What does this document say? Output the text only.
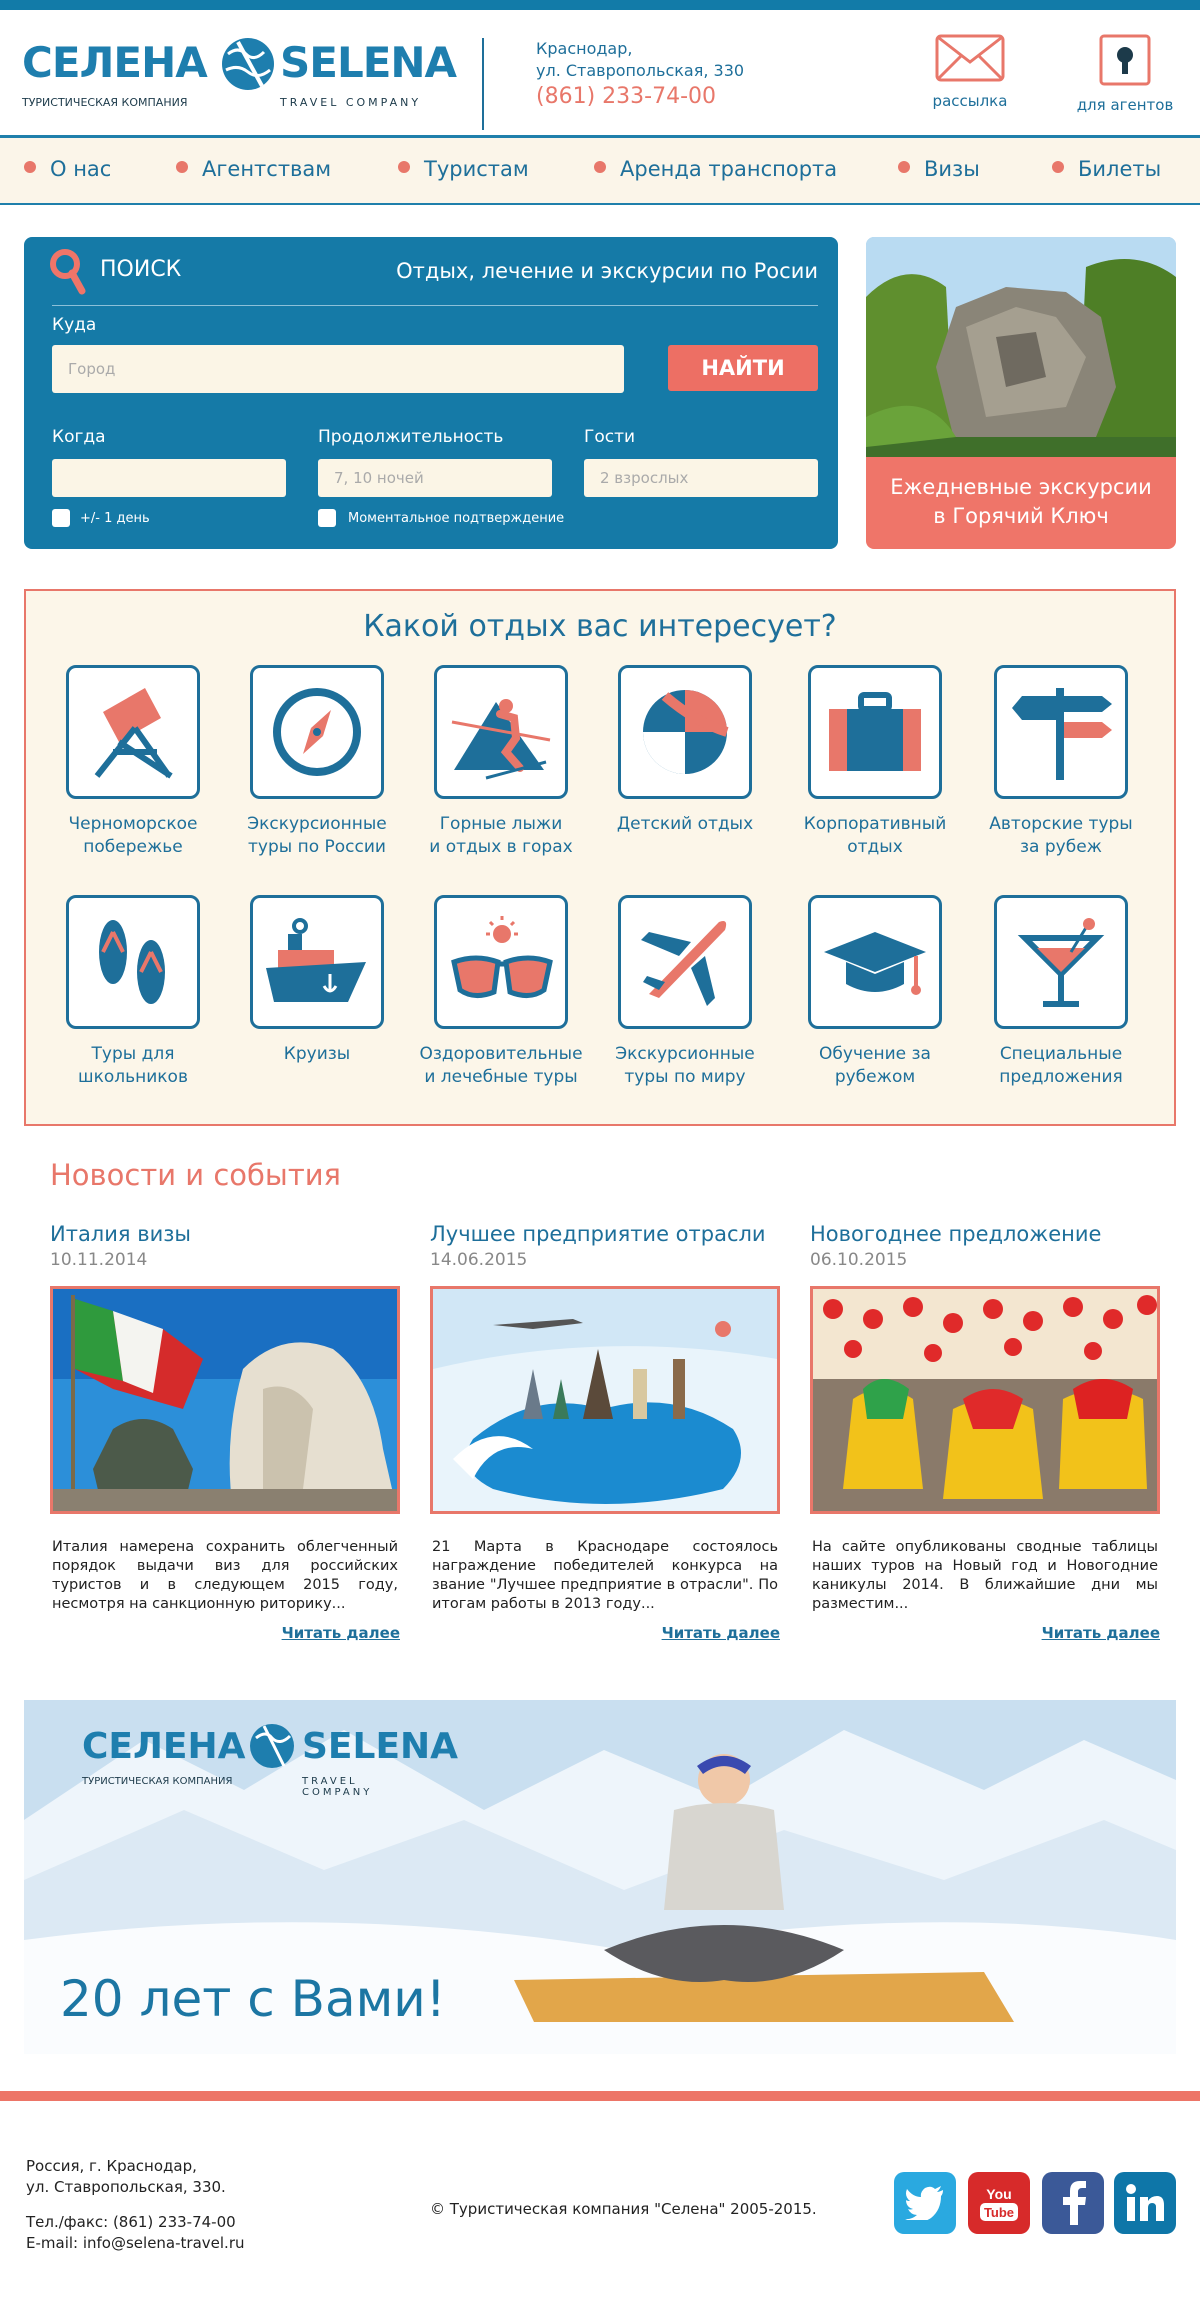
СЕЛЕНА SELENA
ТУРИСТИЧЕСКАЯ КОМПАНИЯ	TRAVEL COMPANY
Краснодар,
ул. Ставропольская, 330
(861) 233-74-00	рассылка	для агентов
О нас	Агентствам	Туристам	Аренда транспорта	Визы	Билеты
ПОИСК	Отдых, лечение и экскурсии по Росии
Куда
Город
НАЙТИ
Когда	Продолжительность
7, 10 ночей	Гости
2 взрослых
+/- 1 день	Моментальное подтверждение
Ежедневные экскурсии
в Горячий Ключ
Какой отдых вас интересует?
Черноморское
побережье
Экскурсионные
туры по России
Горные лыжи
и отдых в горах
Детский отдых	Корпоративный
отдых
Авторские туры
за рубеж
Туры для
школьников
Круизы	Оздоровительные
и лечебные туры
Экскурсионные
туры по миру
Обучение за
рубежом
Специальные
предложения
Новости и события
Италия визы
10.11.2014
Италия намерена сохранить облегченный порядок выдачи виз для российских туристов и в следующем 2015 году, несмотря на санкционную риторику...
Читать далее
Лучшее предприятие отрасли
14.06.2015
21 Марта в Краснодаре состоялось награждение победителей конкурса на звание "Лучшее предприятие в отрасли". По итогам работы в 2013 году...
Читать далее
Новогоднее предложение
06.10.2015
На сайте опубликованы сводные таблицы наших туров на Новый год и Новогодние каникулы 2014. В ближайшие дни мы разместим...
Читать далее
СЕЛЕНА SELENA
ТУРИСТИЧЕСКАЯ КОМПАНИЯ	TRAVEL COMPANY
20 лет с Вами!
Россия, г. Краснодар,
ул. Ставропольская, 330.
Тел./факс: (861) 233-74-00
E-mail: info@selena-travel.ru
© Туристическая компания "Селена" 2005-2015.
You
Tube
